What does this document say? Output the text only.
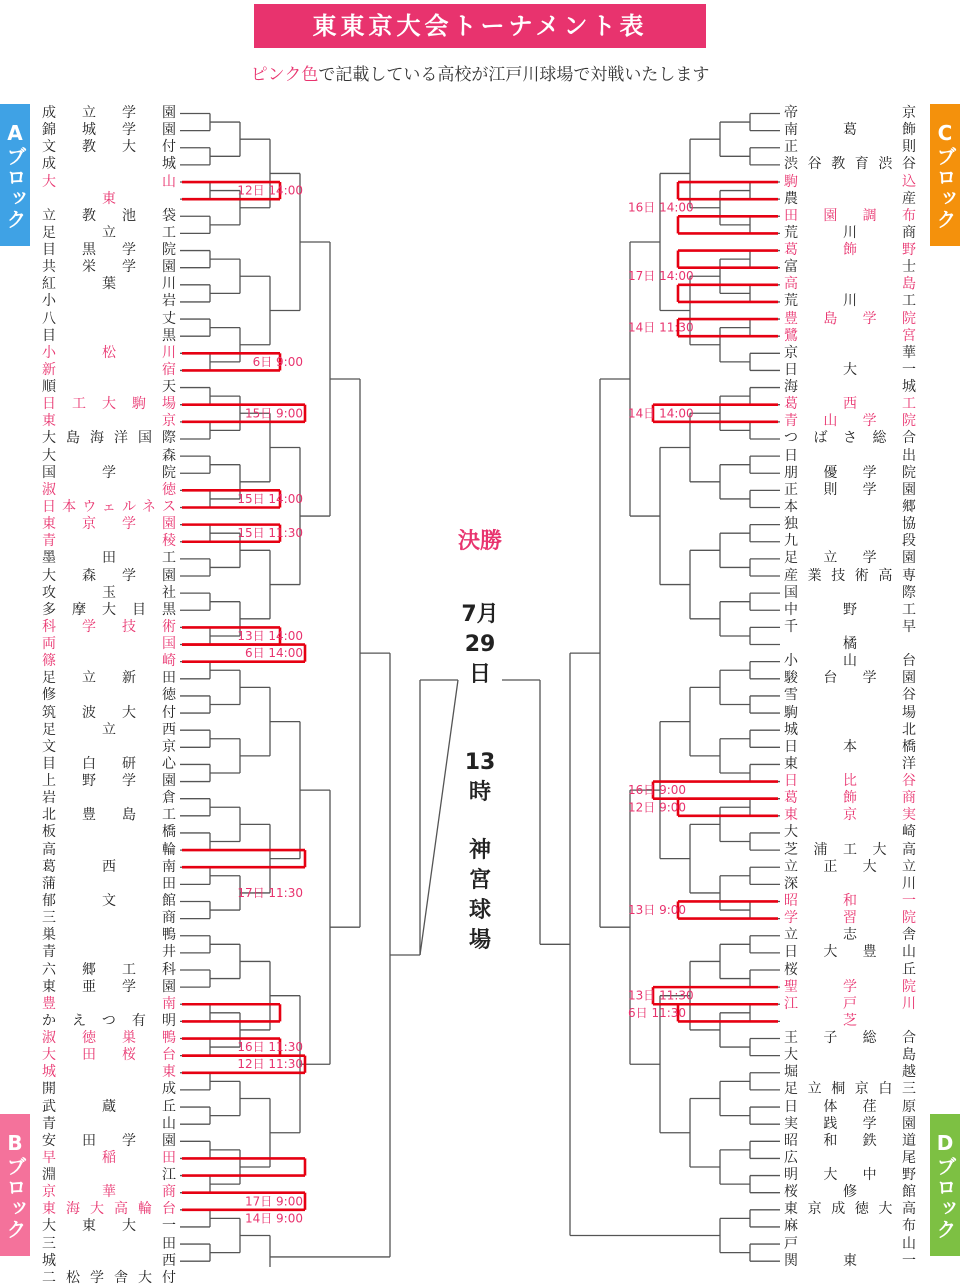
東東京大会トーナメント表
ピンク色で記載している高校が江戸川球場で対戦いたします
Aブロック
Bブロック
Cブロック
Dブロック
12日 14:00
6日 9:00
15日 9:00
15日 14:00
15日 11:30
13日 14:00
6日 14:00
17日 11:30
16日 11:30
12日 11:30
17日 9:00
14日 9:00
16日 14:00
17日 14:00
14日 11:30
14日 14:00
16日 9:00
12日 9:00
13日 9:00
13日 11:30
6日 11:30
成立学園
錦城学園
文教大付
成城
大山
東
立教池袋
足立工
目黒学院
共栄学園
紅葉川
小岩
八丈
目黒
小松川
新宿
順天
日工大駒場
東京
大島海洋国際
大森
国学院
淑徳
日本ウェルネス
東京学園
青稜
墨田工
大森学園
攻玉社
多摩大目黒
科学技術
両国
篠崎
足立新田
修徳
筑波大付
足立西
文京
目白研心
上野学園
岩倉
北豊島工
板橋
高輪
葛西南
蒲田
郁文館
三商
巣鴨
青井
六郷工科
東亜学園
豊南
かえつ有明
淑徳巣鴨
大田桜台
城東
開成
武蔵丘
青山
安田学園
早稲田
淵江
京華商
東海大高輪台
大東大一
三田
城西
二松学舎大付
帝京
南葛飾
正則
渋谷教育渋谷
駒込
農産
田園調布
荒川商
葛飾野
富士
高島
荒川工
豊島学院
鷺宮
京華
日大一
海城
葛西工
青山学院
つばさ総合
日出
朋優学院
正則学園
本郷
独協
九段
足立学園
産業技術高専
国際
中野工
千早
橘
小山台
駿台学園
雪谷
駒場
城北
日本橋
東洋
日比谷
葛飾商
東京実
大崎
芝浦工大高
立正大立
深川
昭和一
学習院
立志舎
日大豊山
桜丘
聖学院
江戸川
芝
王子総合
大島
堀越
足立桐京白三
日体荏原
実践学園
昭和鉄道
広尾
明大中野
桜修館
東京成徳大高
麻布
戸山
関東一
決勝
7月29日
13時
神宮球場
